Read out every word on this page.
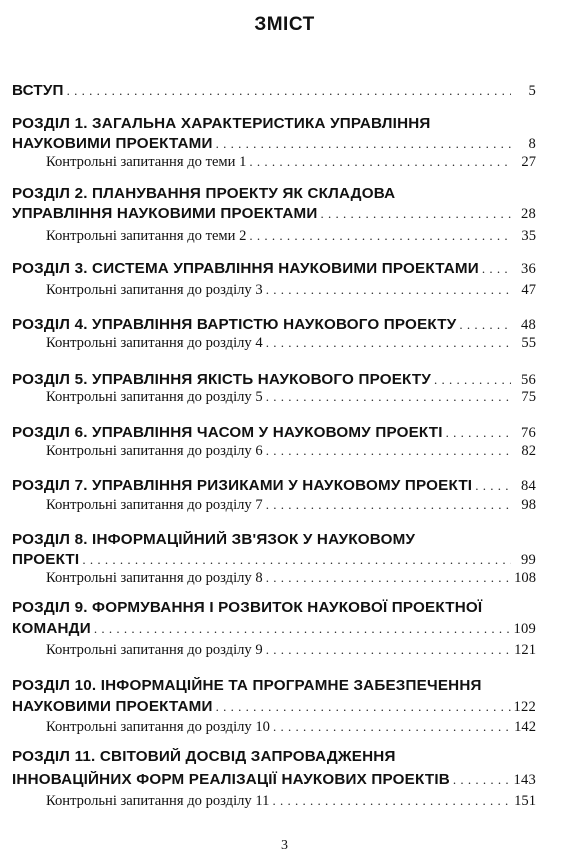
ЗМІСТ
ВСТУП . . .	5
РОЗДІЛ 1. ЗАГАЛЬНА ХАРАКТЕРИСТИКА УПРАВЛІННЯ
НАУКОВИМИ ПРОЕКТАМИ . . .	8
Контрольні запитання до теми 1 . . .	27
РОЗДІЛ 2. ПЛАНУВАННЯ ПРОЕКТУ ЯК СКЛАДОВА
УПРАВЛІННЯ НАУКОВИМИ ПРОЕКТАМИ . . .	28
Контрольні запитання до теми 2 . . .	35
РОЗДІЛ 3. СИСТЕМА УПРАВЛІННЯ НАУКОВИМИ ПРОЕКТАМИ . . .	36
Контрольні запитання до розділу 3 . . .	47
РОЗДІЛ 4. УПРАВЛІННЯ ВАРТІСТЮ НАУКОВОГО ПРОЕКТУ . . .	48
Контрольні запитання до розділу 4 . . .	55
РОЗДІЛ 5. УПРАВЛІННЯ ЯКІСТЬ НАУКОВОГО ПРОЕКТУ . . .	56
Контрольні запитання до розділу 5 . . .	75
РОЗДІЛ 6. УПРАВЛІННЯ ЧАСОМ У НАУКОВОМУ ПРОЕКТІ . . .	76
Контрольні запитання до розділу 6 . . .	82
РОЗДІЛ 7. УПРАВЛІННЯ РИЗИКАМИ У НАУКОВОМУ ПРОЕКТІ . . .	84
Контрольні запитання до розділу 7 . . .	98
РОЗДІЛ 8. ІНФОРМАЦІЙНИЙ ЗВ'ЯЗОК У НАУКОВОМУ
ПРОЕКТІ . . .	99
Контрольні запитання до розділу 8 . . .	108
РОЗДІЛ 9. ФОРМУВАННЯ І РОЗВИТОК НАУКОВОЇ ПРОЕКТНОЇ
КОМАНДИ . . .	109
Контрольні запитання до розділу 9 . . .	121
РОЗДІЛ 10. ІНФОРМАЦІЙНЕ ТА ПРОГРАМНЕ ЗАБЕЗПЕЧЕННЯ
НАУКОВИМИ ПРОЕКТАМИ . . .	122
Контрольні запитання до розділу 10 . . .	142
РОЗДІЛ 11. СВІТОВИЙ ДОСВІД ЗАПРОВАДЖЕННЯ
ІННОВАЦІЙНИХ ФОРМ РЕАЛІЗАЦІЇ НАУКОВИХ ПРОЕКТІВ . . .	143
Контрольні запитання до розділу 11 . . .	151
3
